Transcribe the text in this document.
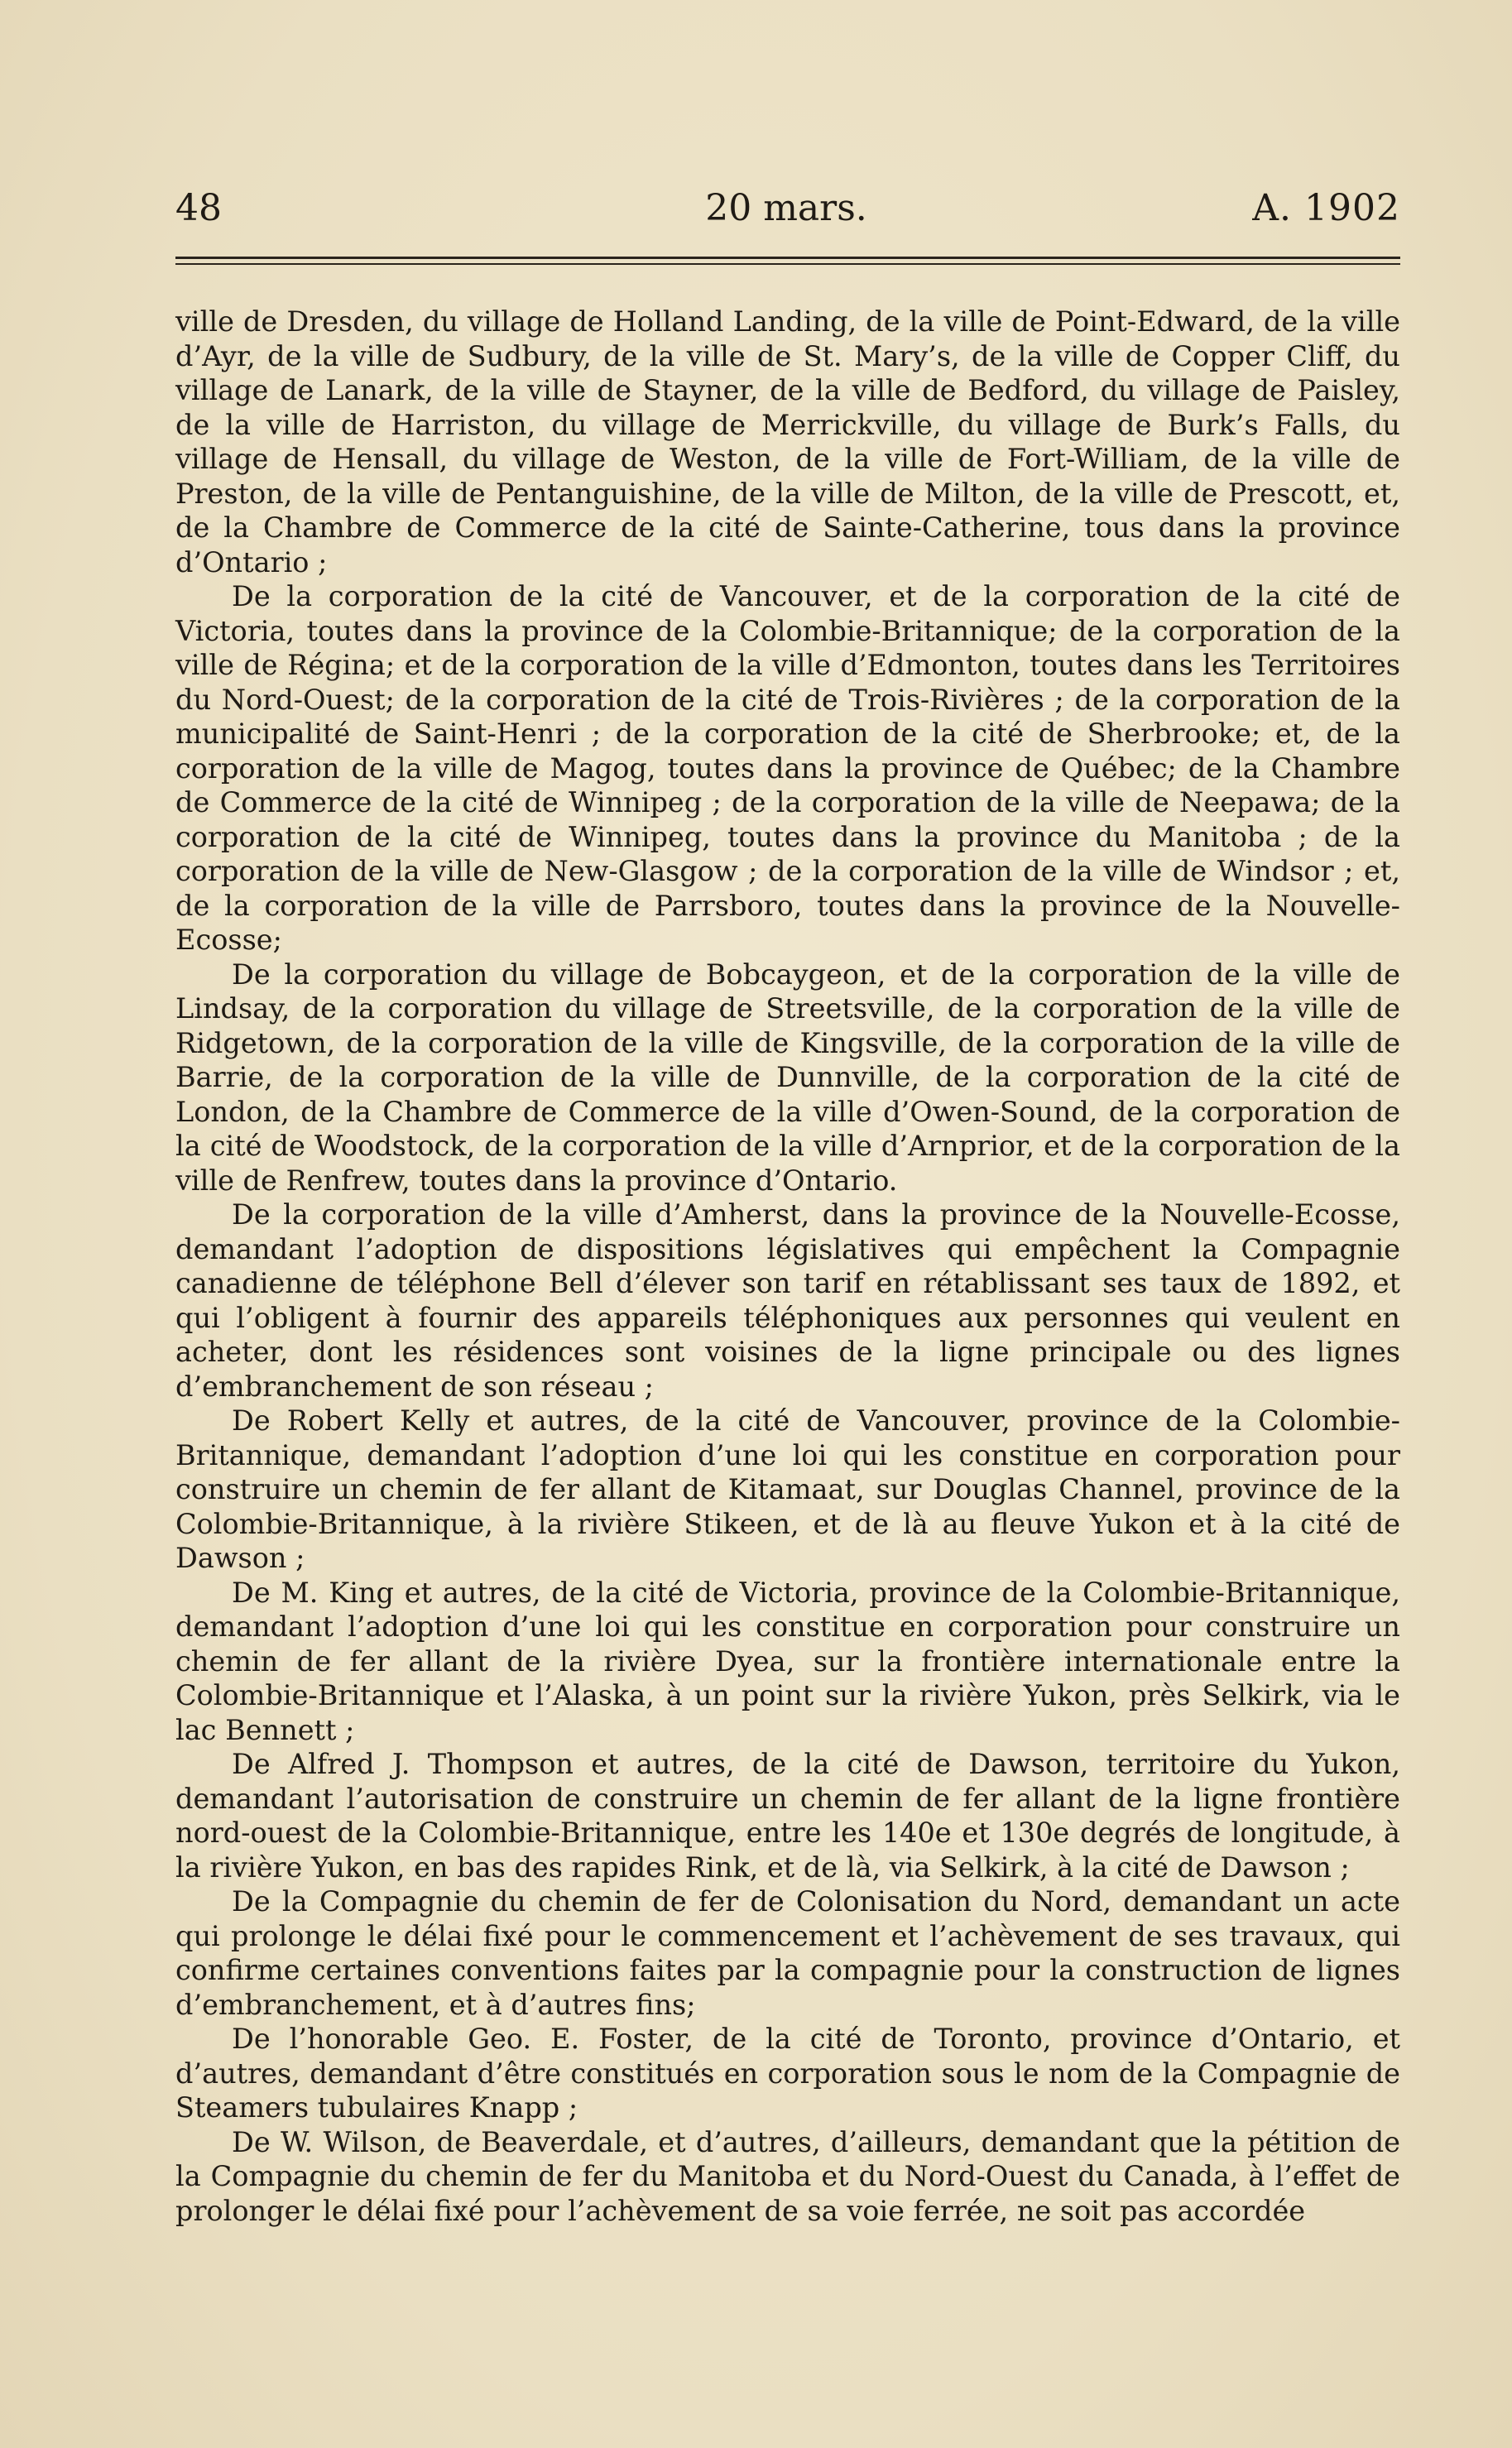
48	20 mars.	A. 1902

ville de Dresden, du village de Holland Landing, de la ville de Point-Edward, de la ville d’Ayr, de la ville de Sudbury, de la ville de St. Mary’s, de la ville de Copper Cliff, du village de Lanark, de la ville de Stayner, de la ville de Bedford, du village de Paisley, de la ville de Harriston, du village de Merrickville, du village de Burk’s Falls, du village de Hensall, du village de Weston, de la ville de Fort-William, de la ville de Preston, de la ville de Pentanguishine, de la ville de Milton, de la ville de Prescott, et, de la Chambre de Commerce de la cité de Sainte-Catherine, tous dans la province d’Ontario ;

De la corporation de la cité de Vancouver, et de la corporation de la cité de Victoria, toutes dans la province de la Colombie-Britannique; de la corporation de la ville de Régina; et de la corporation de la ville d’Edmonton, toutes dans les Territoires du Nord-Ouest; de la corporation de la cité de Trois-Rivières ; de la corporation de la municipalité de Saint-Henri ; de la corporation de la cité de Sherbrooke; et, de la corporation de la ville de Magog, toutes dans la province de Québec; de la Chambre de Commerce de la cité de Winnipeg ; de la corporation de la ville de Neepawa; de la corporation de la cité de Winnipeg, toutes dans la province du Manitoba ; de la corporation de la ville de New-Glasgow ; de la corporation de la ville de Windsor ; et, de la corporation de la ville de Parrsboro, toutes dans la province de la Nouvelle-Ecosse;

De la corporation du village de Bobcaygeon, et de la corporation de la ville de Lindsay, de la corporation du village de Streetsville, de la corporation de la ville de Ridgetown, de la corporation de la ville de Kingsville, de la corporation de la ville de Barrie, de la corporation de la ville de Dunnville, de la corporation de la cité de London, de la Chambre de Commerce de la ville d’Owen-Sound, de la corporation de la cité de Woodstock, de la corporation de la ville d’Arnprior, et de la corporation de la ville de Renfrew, toutes dans la province d’Ontario.

De la corporation de la ville d’Amherst, dans la province de la Nouvelle-Ecosse, demandant l’adoption de dispositions législatives qui empêchent la Compagnie canadienne de téléphone Bell d’élever son tarif en rétablissant ses taux de 1892, et qui l’obligent à fournir des appareils téléphoniques aux personnes qui veulent en acheter, dont les résidences sont voisines de la ligne principale ou des lignes d’embranchement de son réseau ;

De Robert Kelly et autres, de la cité de Vancouver, province de la Colombie-Britannique, demandant l’adoption d’une loi qui les constitue en corporation pour construire un chemin de fer allant de Kitamaat, sur Douglas Channel, province de la Colombie-Britannique, à la rivière Stikeen, et de là au fleuve Yukon et à la cité de Dawson ;

De M. King et autres, de la cité de Victoria, province de la Colombie-Britannique, demandant l’adoption d’une loi qui les constitue en corporation pour construire un chemin de fer allant de la rivière Dyea, sur la frontière internationale entre la Colombie-Britannique et l’Alaska, à un point sur la rivière Yukon, près Selkirk, via le lac Bennett ;

De Alfred J. Thompson et autres, de la cité de Dawson, territoire du Yukon, demandant l’autorisation de construire un chemin de fer allant de la ligne frontière nord-ouest de la Colombie-Britannique, entre les 140e et 130e degrés de longitude, à la rivière Yukon, en bas des rapides Rink, et de là, via Selkirk, à la cité de Dawson ;

De la Compagnie du chemin de fer de Colonisation du Nord, demandant un acte qui prolonge le délai fixé pour le commencement et l’achèvement de ses travaux, qui confirme certaines conventions faites par la compagnie pour la construction de lignes d’embranchement, et à d’autres fins;

De l’honorable Geo. E. Foster, de la cité de Toronto, province d’Ontario, et d’autres, demandant d’être constitués en corporation sous le nom de la Compagnie de Steamers tubulaires Knapp ;

De W. Wilson, de Beaverdale, et d’autres, d’ailleurs, demandant que la pétition de la Compagnie du chemin de fer du Manitoba et du Nord-Ouest du Canada, à l’effet de prolonger le délai fixé pour l’achèvement de sa voie ferrée, ne soit pas accordée
